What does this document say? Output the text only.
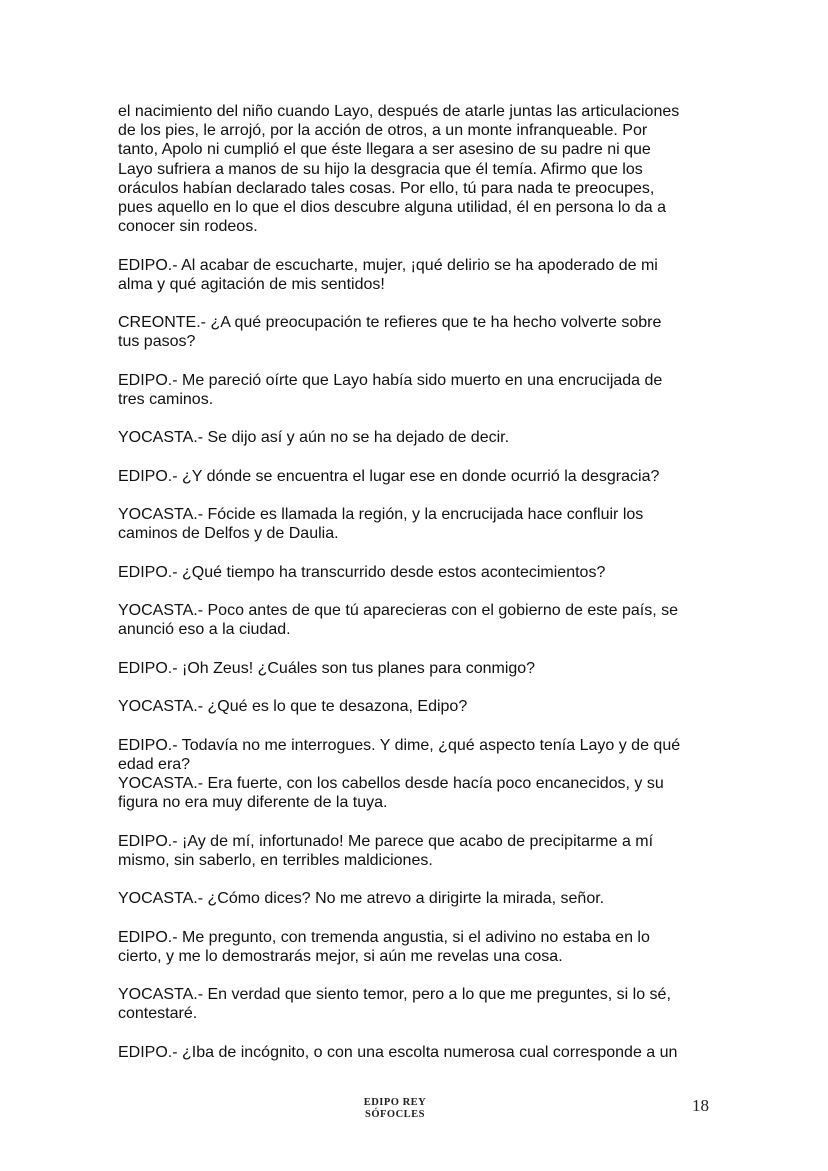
el nacimiento del niño cuando Layo, después de atarle juntas las articulaciones
de los pies, le arrojó, por la acción de otros, a un monte infranqueable. Por
tanto, Apolo ni cumplió el que éste llegara a ser asesino de su padre ni que
Layo sufriera a manos de su hijo la desgracia que él temía. Afirmo que los
oráculos habían declarado tales cosas. Por ello, tú para nada te preocupes,
pues aquello en lo que el dios descubre alguna utilidad, él en persona lo da a
conocer sin rodeos.

EDIPO.- Al acabar de escucharte, mujer, ¡qué delirio se ha apoderado de mi
alma y qué agitación de mis sentidos!

CREONTE.- ¿A qué preocupación te refieres que te ha hecho volverte sobre
tus pasos?

EDIPO.- Me pareció oírte que Layo había sido muerto en una encrucijada de
tres caminos.

YOCASTA.- Se dijo así y aún no se ha dejado de decir.

EDIPO.- ¿Y dónde se encuentra el lugar ese en donde ocurrió la desgracia?

YOCASTA.- Fócide es llamada la región, y la encrucijada hace confluir los
caminos de Delfos y de Daulia.

EDIPO.- ¿Qué tiempo ha transcurrido desde estos acontecimientos?

YOCASTA.- Poco antes de que tú aparecieras con el gobierno de este país, se
anunció eso a la ciudad.

EDIPO.- ¡Oh Zeus! ¿Cuáles son tus planes para conmigo?

YOCASTA.- ¿Qué es lo que te desazona, Edipo?

EDIPO.- Todavía no me interrogues. Y dime, ¿qué aspecto tenía Layo y de qué
edad era?

YOCASTA.- Era fuerte, con los cabellos desde hacía poco encanecidos, y su
figura no era muy diferente de la tuya.

EDIPO.- ¡Ay de mí, infortunado! Me parece que acabo de precipitarme a mí
mismo, sin saberlo, en terribles maldiciones.

YOCASTA.- ¿Cómo dices? No me atrevo a dirigirte la mirada, señor.

EDIPO.- Me pregunto, con tremenda angustia, si el adivino no estaba en lo
cierto, y me lo demostrarás mejor, si aún me revelas una cosa.

YOCASTA.- En verdad que siento temor, pero a lo que me preguntes, si lo sé,
contestaré.

EDIPO.- ¿Iba de incógnito, o con una escolta numerosa cual corresponde a un

EDIPO REY
SÓFOCLES	18
